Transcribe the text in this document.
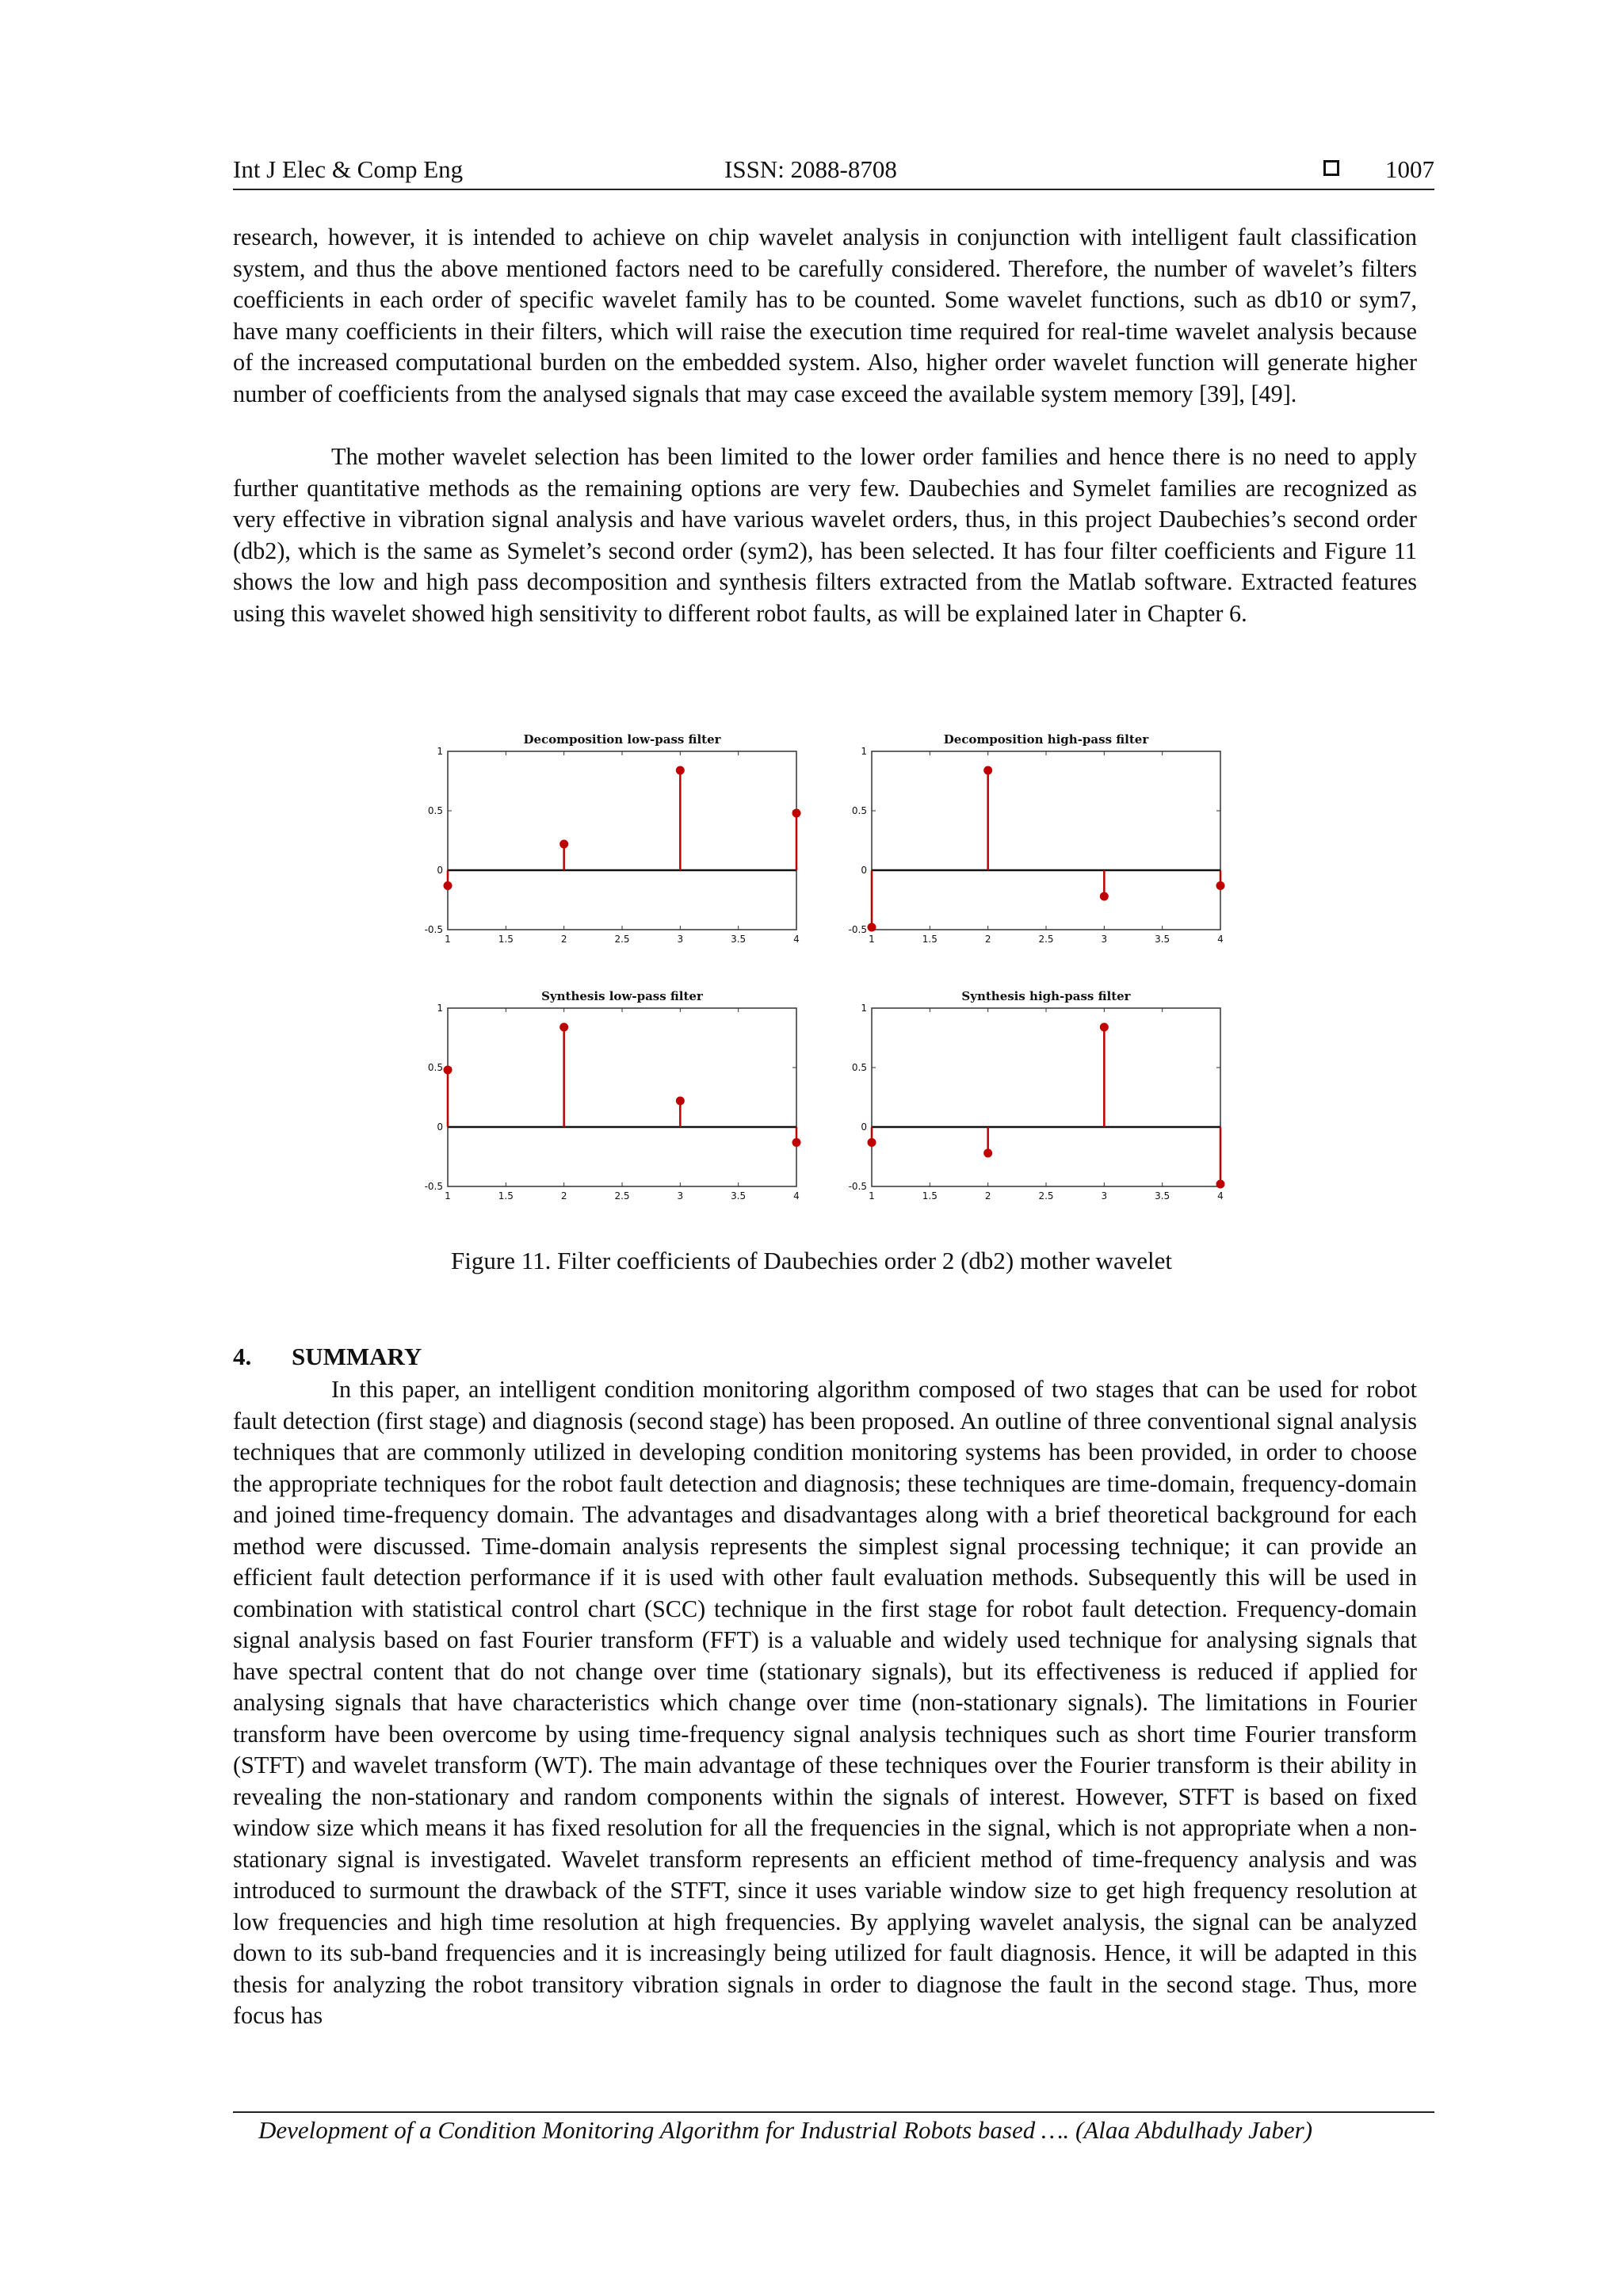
Int J Elec & Comp Eng	ISSN: 2088-8708	1007

research, however, it is intended to achieve on chip wavelet analysis in conjunction with intelligent fault classification system, and thus the above mentioned factors need to be carefully considered. Therefore, the number of wavelet’s filters coefficients in each order of specific wavelet family has to be counted. Some wavelet functions, such as db10 or sym7, have many coefficients in their filters, which will raise the execution time required for real-time wavelet analysis because of the increased computational burden on the embedded system. Also, higher order wavelet function will generate higher number of coefficients from the analysed signals that may case exceed the available system memory [39], [49].

The mother wavelet selection has been limited to the lower order families and hence there is no need to apply further quantitative methods as the remaining options are very few. Daubechies and Symelet families are recognized as very effective in vibration signal analysis and have various wavelet orders, thus, in this project Daubechies’s second order (db2), which is the same as Symelet’s second order (sym2), has been selected. It has four filter coefficients and Figure 11 shows the low and high pass decomposition and synthesis filters extracted from the Matlab software. Extracted features using this wavelet showed high sensitivity to different robot faults, as will be explained later in Chapter 6.

Decomposition low-pass filter
1	1.5	2	2.5	3	3.5	4
1
0.5
0
-0.5
Decomposition high-pass filter
1	1.5	2	2.5	3	3.5	4
1
0.5
0
-0.5
Synthesis low-pass filter
1	1.5	2	2.5	3	3.5	4
1
0.5
0
-0.5
Synthesis high-pass filter
1	1.5	2	2.5	3	3.5	4
1
0.5
0
-0.5
Figure 11. Filter coefficients of Daubechies order 2 (db2) mother wavelet
4. SUMMARY

In this paper, an intelligent condition monitoring algorithm composed of two stages that can be used for robot fault detection (first stage) and diagnosis (second stage) has been proposed. An outline of three conventional signal analysis techniques that are commonly utilized in developing condition monitoring systems has been provided, in order to choose the appropriate techniques for the robot fault detection and diagnosis; these techniques are time-domain, frequency-domain and joined time-frequency domain. The advantages and disadvantages along with a brief theoretical background for each method were discussed. Time-domain analysis represents the simplest signal processing technique; it can provide an efficient fault detection performance if it is used with other fault evaluation methods. Subsequently this will be used in combination with statistical control chart (SCC) technique in the first stage for robot fault detection. Frequency-domain signal analysis based on fast Fourier transform (FFT) is a valuable and widely used technique for analysing signals that have spectral content that do not change over time (stationary signals), but its effectiveness is reduced if applied for analysing signals that have characteristics which change over time (non-stationary signals). The limitations in Fourier transform have been overcome by using time-frequency signal analysis techniques such as short time Fourier transform (STFT) and wavelet transform (WT). The main advantage of these techniques over the Fourier transform is their ability in revealing the non-stationary and random components within the signals of interest. However, STFT is based on fixed window size which means it has fixed resolution for all the frequencies in the signal, which is not appropriate when a non-stationary signal is investigated. Wavelet transform represents an efficient method of time-frequency analysis and was introduced to surmount the drawback of the STFT, since it uses variable window size to get high frequency resolution at low frequencies and high time resolution at high frequencies. By applying wavelet analysis, the signal can be analyzed down to its sub-band frequencies and it is increasingly being utilized for fault diagnosis. Hence, it will be adapted in this thesis for analyzing the robot transitory vibration signals in order to diagnose the fault in the second stage. Thus, more focus has

Development of a Condition Monitoring Algorithm for Industrial Robots based …. (Alaa Abdulhady Jaber)
